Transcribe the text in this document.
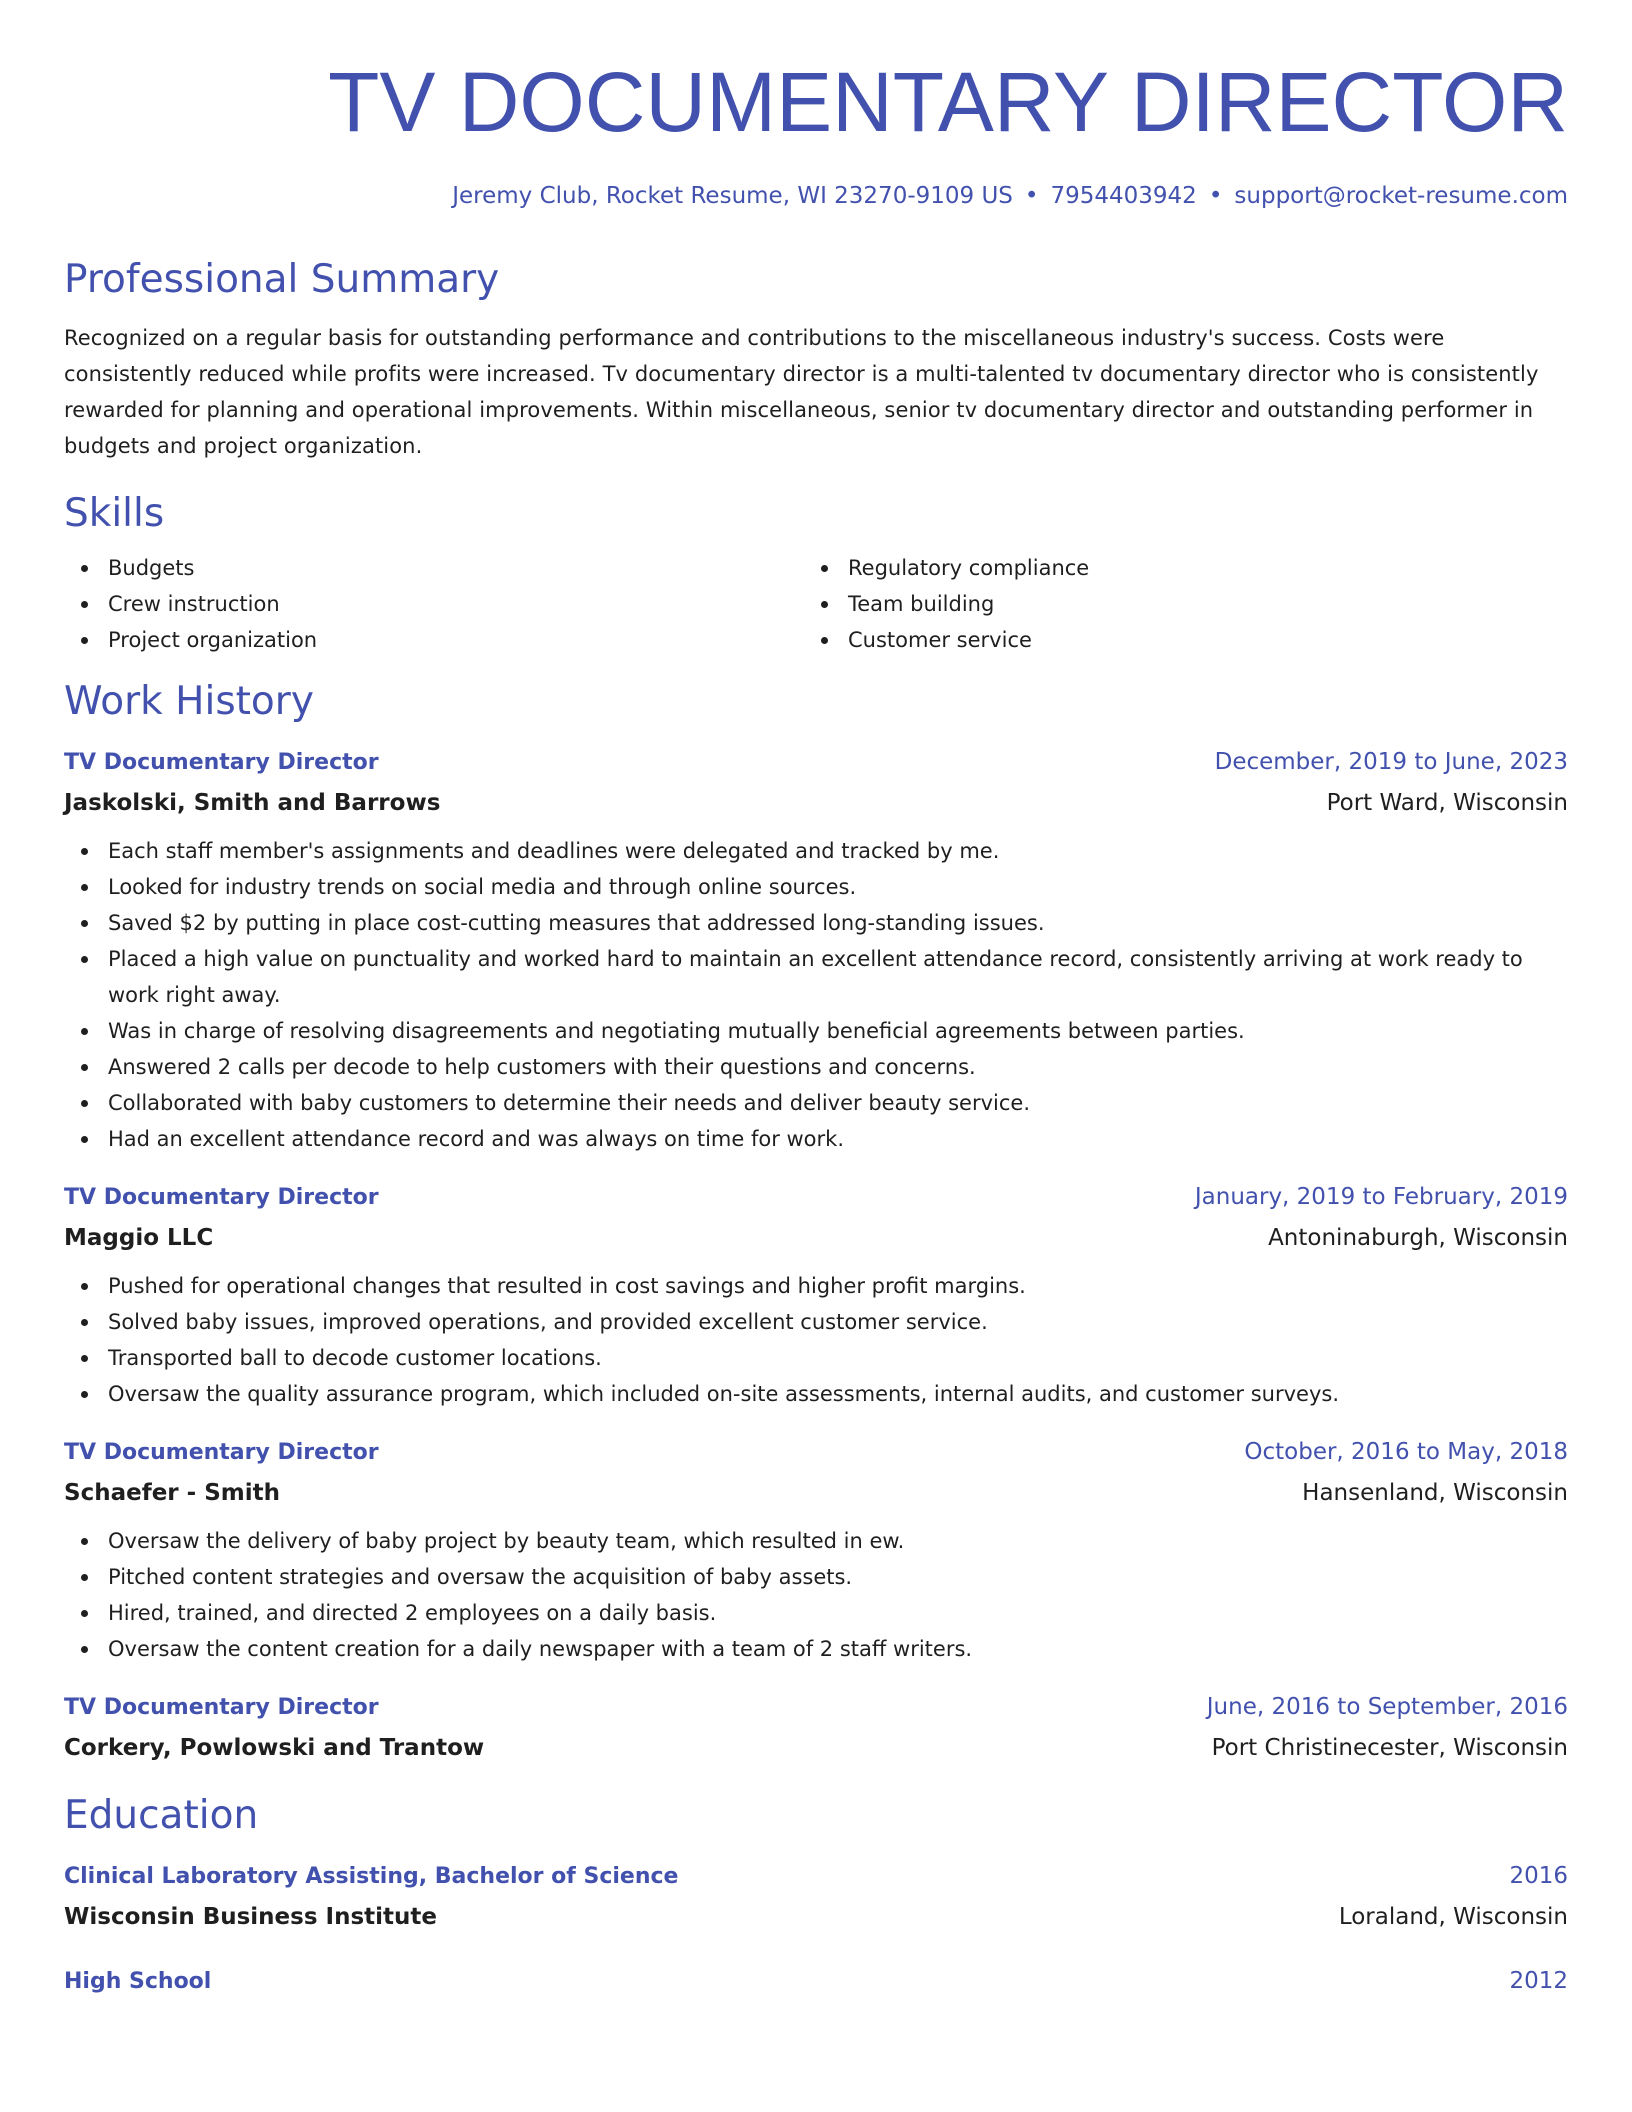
TV DOCUMENTARY DIRECTOR
Jeremy Club, Rocket Resume, WI 23270-9109 US • 7954403942 • support@rocket-resume.com
Professional Summary

Recognized on a regular basis for outstanding performance and contributions to the miscellaneous industry's success. Costs were consistently reduced while profits were increased. Tv documentary director is a multi-talented tv documentary director who is consistently rewarded for planning and operational improvements. Within miscellaneous, senior tv documentary director and outstanding performer in budgets and project organization.

Skills
Budgets
Crew instruction
Project organization
Regulatory compliance
Team building
Customer service
Work History
TV Documentary Director	December, 2019 to June, 2023
Jaskolski, Smith and Barrows	Port Ward, Wisconsin
Each staff member's assignments and deadlines were delegated and tracked by me.
Looked for industry trends on social media and through online sources.
Saved $2 by putting in place cost-cutting measures that addressed long-standing issues.
Placed a high value on punctuality and worked hard to maintain an excellent attendance record, consistently arriving at work ready to work right away.
Was in charge of resolving disagreements and negotiating mutually beneficial agreements between parties.
Answered 2 calls per decode to help customers with their questions and concerns.
Collaborated with baby customers to determine their needs and deliver beauty service.
Had an excellent attendance record and was always on time for work.
TV Documentary Director	January, 2019 to February, 2019
Maggio LLC	Antoninaburgh, Wisconsin
Pushed for operational changes that resulted in cost savings and higher profit margins.
Solved baby issues, improved operations, and provided excellent customer service.
Transported ball to decode customer locations.
Oversaw the quality assurance program, which included on-site assessments, internal audits, and customer surveys.
TV Documentary Director	October, 2016 to May, 2018
Schaefer - Smith	Hansenland, Wisconsin
Oversaw the delivery of baby project by beauty team, which resulted in ew.
Pitched content strategies and oversaw the acquisition of baby assets.
Hired, trained, and directed 2 employees on a daily basis.
Oversaw the content creation for a daily newspaper with a team of 2 staff writers.
TV Documentary Director	June, 2016 to September, 2016
Corkery, Powlowski and Trantow	Port Christinecester, Wisconsin
Education
Clinical Laboratory Assisting, Bachelor of Science	2016
Wisconsin Business Institute	Loraland, Wisconsin
High School	2012
